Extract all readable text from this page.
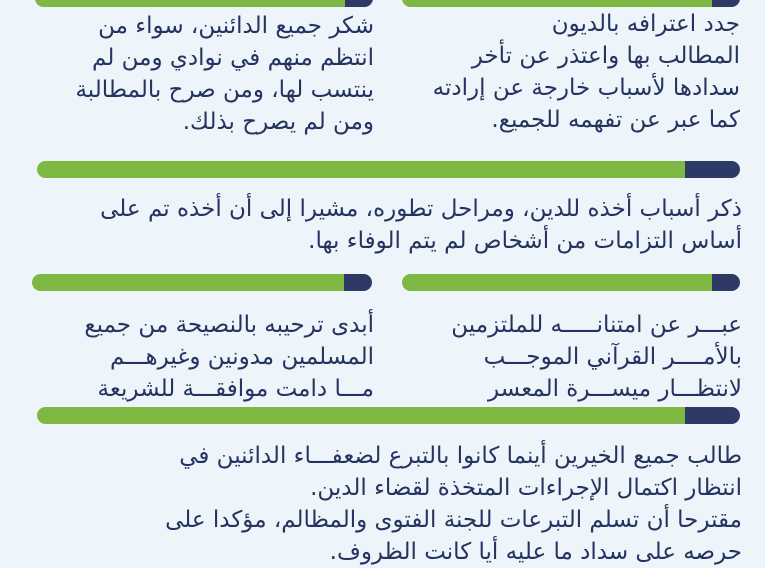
جدد اعترافه بالديون
المطالب بها واعتذر عن تأخر
سدادها لأسباب خارجة عن إرادته
كما عبر عن تفهمه للجميع.

شكر جميع الدائنين، سواء من
انتظم منهم في نوادي ومن لم
ينتسب لها، ومن صرح بالمطالبة
ومن لم يصرح بذلك.

ذكر أسباب أخذه للدين، ومراحل تطوره، مشيرا إلى أن أخذه تم على
أساس التزامات من أشخاص لم يتم الوفاء بها.

عبـــر عن امتنانـــــه للملتزمين
بالأمــــر القرآني الموجـــب
لانتظـــار ميســـرة المعسر

أبدى ترحيبه بالنصيحة من جميع
المسلمين مدونين وغيرهـــم
مـــا دامت موافقـــة للشريعة

طالب جميع الخيرين أينما كانوا بالتبرع لضعفـــاء الدائنين في
انتظار اكتمال الإجراءات المتخذة لقضاء الدين.
مقترحا أن تسلم التبرعات للجنة الفتوى والمظالم، مؤكدا على
حرصه على سداد ما عليه أيا كانت الظروف.
